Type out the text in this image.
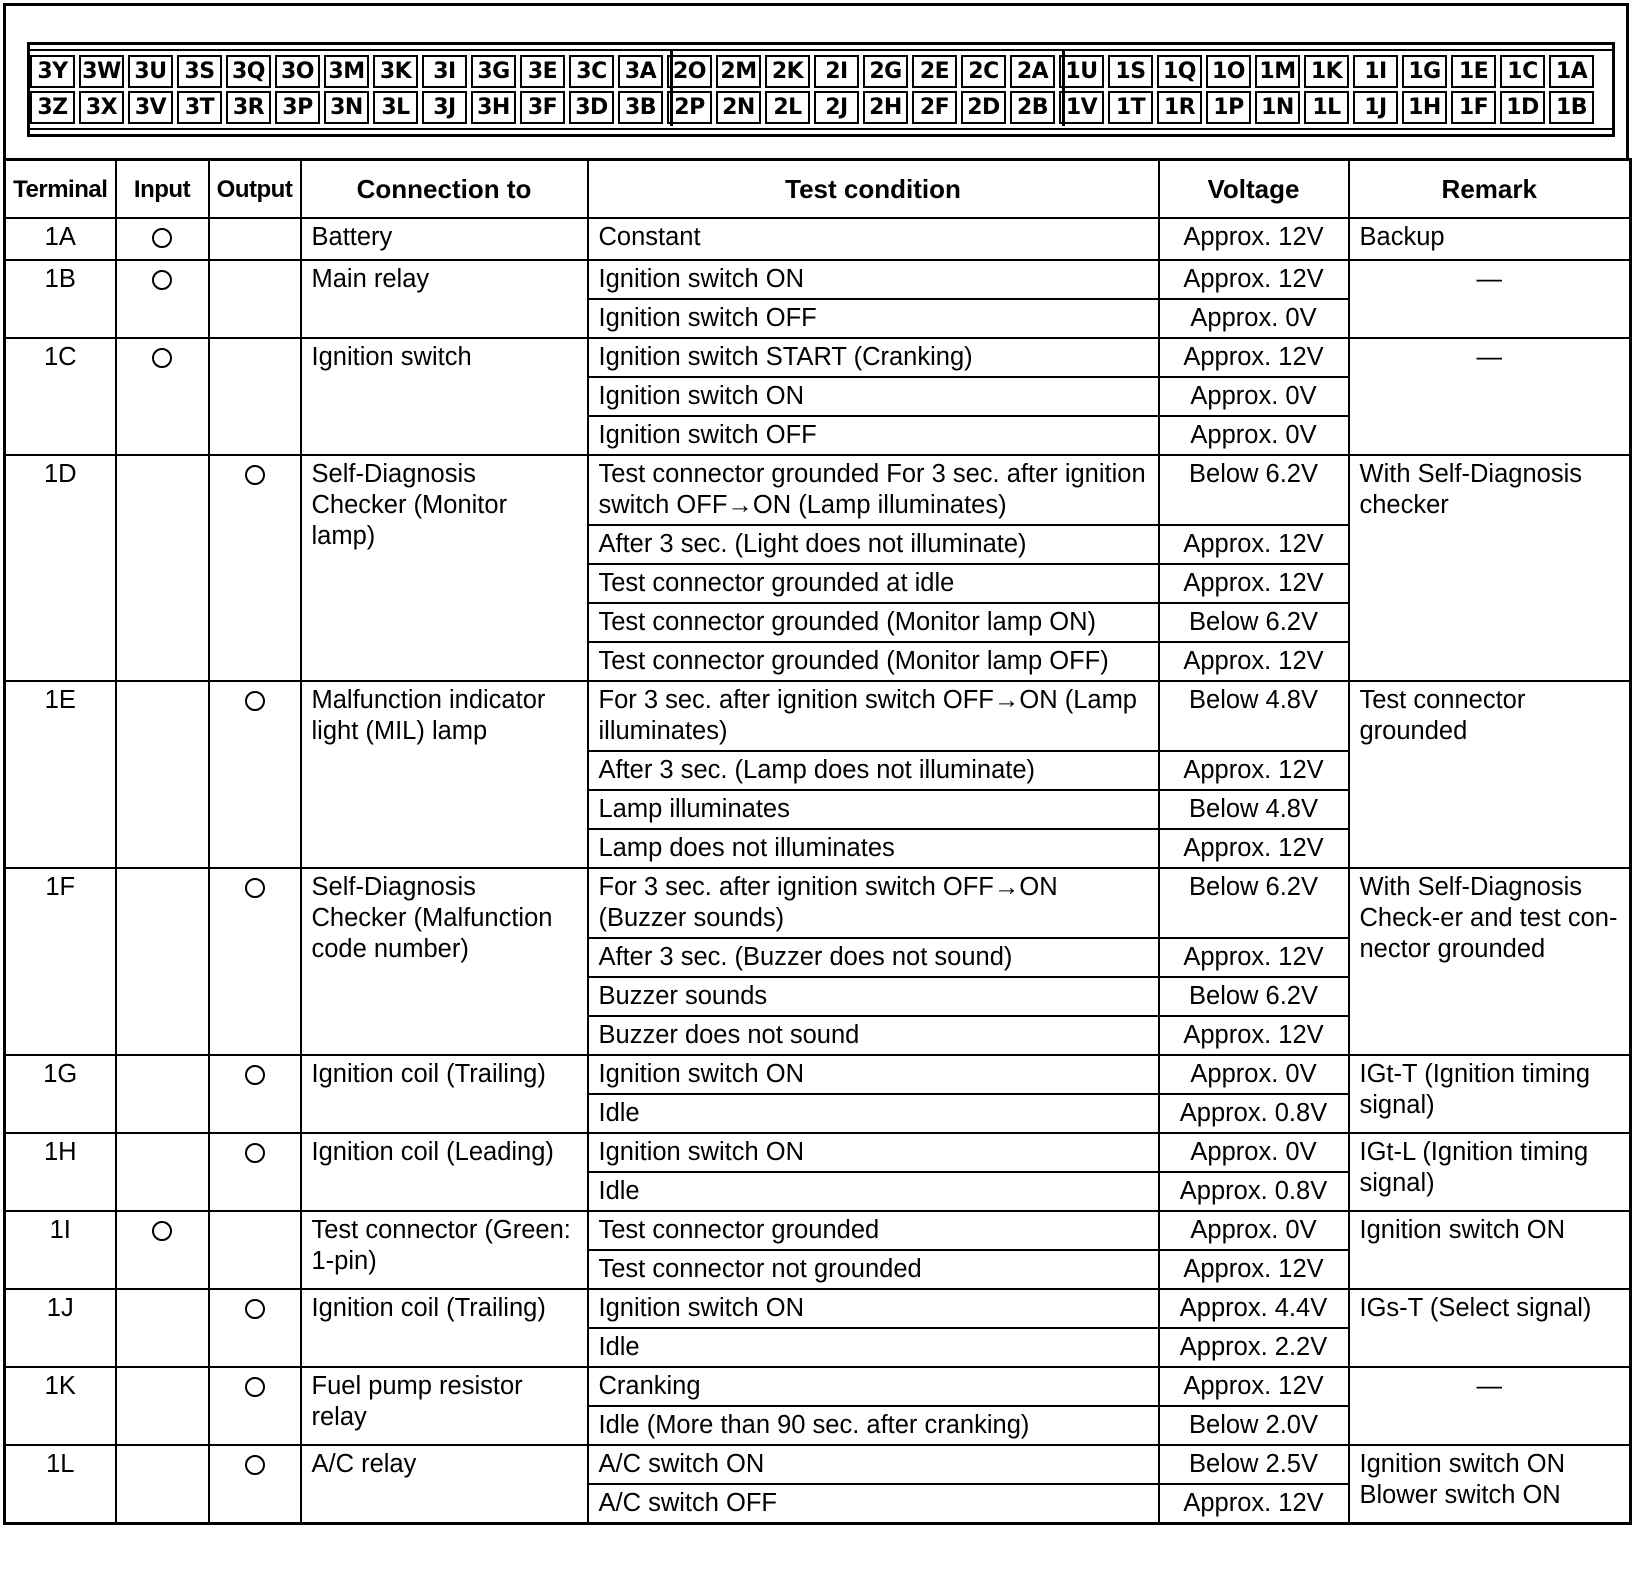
3Y 3W 3U 3S 3Q 3O 3M 3K	3I 3G 3E 3C 3A 2O 2M 2K	2I 2G 2E 2C 2A 1U 1S 1Q 1O 1M 1K	1I 1G 1E 1C 1A
3Z 3X 3V 3T 3R 3P 3N 3L	3J 3H 3F 3D 3B 2P 2N 2L	2J 2H 2F 2D 2B 1V 1T 1R 1P 1N 1L	1J 1H 1F 1D 1B
Terminal	Input	Output	Connection to	Test condition	Voltage	Remark
1A			Battery	Constant	Approx. 12V	Backup
1B			Main relay	Ignition switch ON	Approx. 12V	—
				Ignition switch OFF	Approx. 0V	
1C			Ignition switch	Ignition switch START (Cranking)	Approx. 12V	—
				Ignition switch ON	Approx. 0V	
				Ignition switch OFF	Approx. 0V	
1D			Self-Diagnosis Checker (Monitor lamp)	Test connector grounded For 3 sec. after ignition switch OFF→ON (Lamp illuminates)	Below 6.2V	With Self-Diagnosis checker
				After 3 sec. (Light does not illuminate)	Approx. 12V	
				Test connector grounded at idle	Approx. 12V	
				Test connector grounded (Monitor lamp ON)	Below 6.2V	
				Test connector grounded (Monitor lamp OFF)	Approx. 12V	
1E			Malfunction indicator light (MIL) lamp	For 3 sec. after ignition switch OFF→ON (Lamp illuminates)	Below 4.8V	Test connector grounded
				After 3 sec. (Lamp does not illuminate)	Approx. 12V	
				Lamp illuminates	Below 4.8V	
				Lamp does not illuminates	Approx. 12V	
1F			Self-Diagnosis Checker (Malfunction code number)	For 3 sec. after ignition switch OFF→ON (Buzzer sounds)	Below 6.2V	With Self-Diagnosis Check-er and test con-nector grounded
				After 3 sec. (Buzzer does not sound)	Approx. 12V	
				Buzzer sounds	Below 6.2V	
				Buzzer does not sound	Approx. 12V	
1G			Ignition coil (Trailing)	Ignition switch ON	Approx. 0V	IGt-T (Ignition timing signal)
				Idle	Approx. 0.8V	
1H			Ignition coil (Leading)	Ignition switch ON	Approx. 0V	IGt-L (Ignition timing signal)
				Idle	Approx. 0.8V	
1I			Test connector (Green: 1-pin)	Test connector grounded	Approx. 0V	Ignition switch ON
				Test connector not grounded	Approx. 12V	
1J			Ignition coil (Trailing)	Ignition switch ON	Approx. 4.4V	IGs-T (Select signal)
				Idle	Approx. 2.2V	
1K			Fuel pump resistor relay	Cranking	Approx. 12V	—
				Idle (More than 90 sec. after cranking)	Below 2.0V	
1L			A/C relay	A/C switch ON	Below 2.5V	Ignition switch ON Blower switch ON
				A/C switch OFF	Approx. 12V	
